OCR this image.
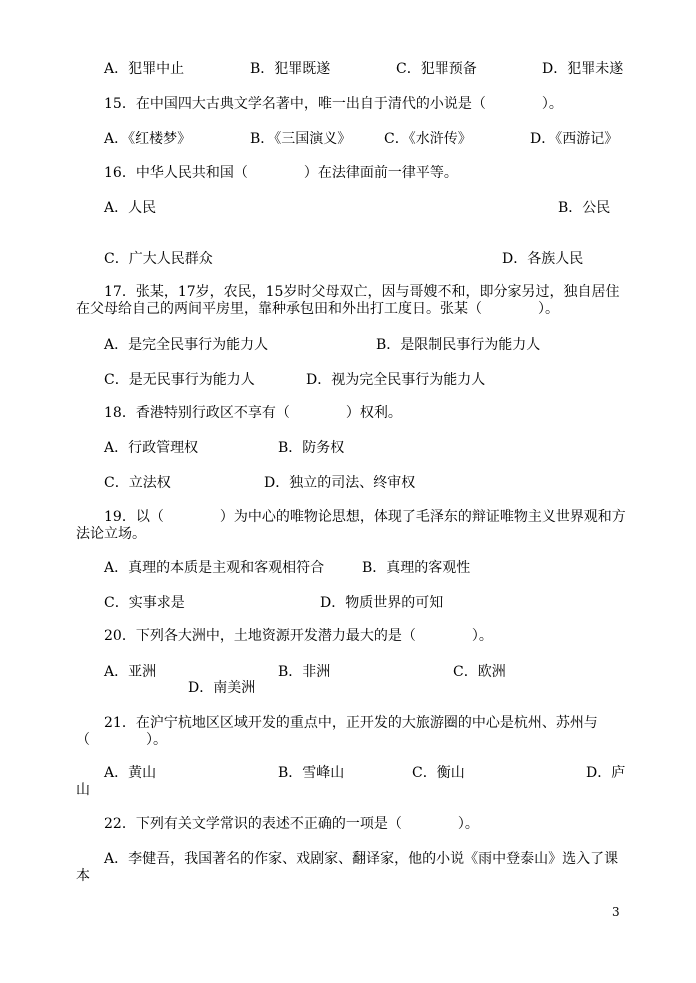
A．犯罪中止	B．犯罪既遂	C．犯罪预备	D．犯罪未遂
15．在中国四大古典文学名著中，唯一出自于清代的小说是（　　　　）。
A．《红楼梦》	B．《三国演义》 C．《水浒传》	D．《西游记》
16．中华人民共和国（　　　　）在法律面前一律平等。
A．人民	B．公民
C．广大人民群众	D．各族人民
17．张某，17岁，农民，15岁时父母双亡，因与哥嫂不和，即分家另过，独自居住
在父母给自己的两间平房里，靠种承包田和外出打工度日。张某（　　　　）。
A．是完全民事行为能力人	B．是限制民事行为能力人
C．是无民事行为能力人	D．视为完全民事行为能力人
18．香港特别行政区不享有（　　　　）权利。
A．行政管理权	B．防务权
C．立法权	D．独立的司法、终审权
19．以（　　　　）为中心的唯物论思想，体现了毛泽东的辩证唯物主义世界观和方
法论立场。
A．真理的本质是主观和客观相符合	B．真理的客观性
C．实事求是	D．物质世界的可知
20．下列各大洲中，土地资源开发潜力最大的是（　　　　）。
A．亚洲	B．非洲	C．欧洲
D．南美洲
21．在沪宁杭地区区域开发的重点中，正开发的大旅游圈的中心是杭州、苏州与
（　　　　）。
A．黄山	B．雪峰山	C．衡山	D．庐
山
22．下列有关文学常识的表述不正确的一项是（　　　　）。
A．李健吾，我国著名的作家、戏剧家、翻译家，他的小说《雨中登泰山》选入了课
本
3
